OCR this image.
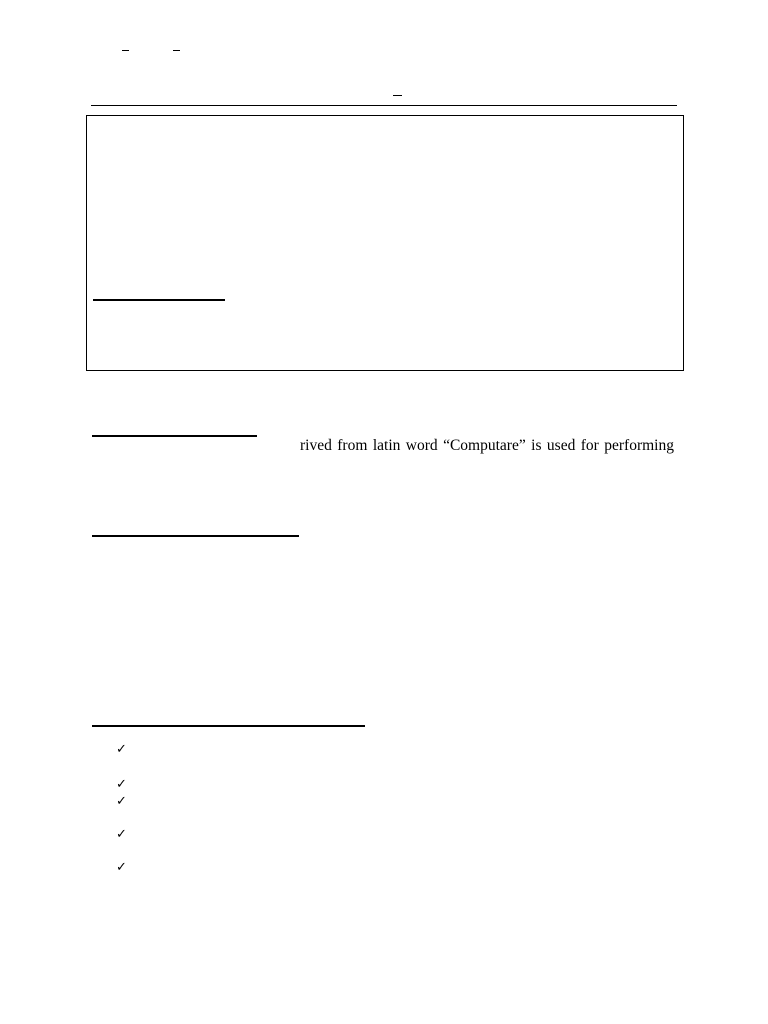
rived from latin word “Computare” is used for performing
✓
✓
✓
✓
✓
